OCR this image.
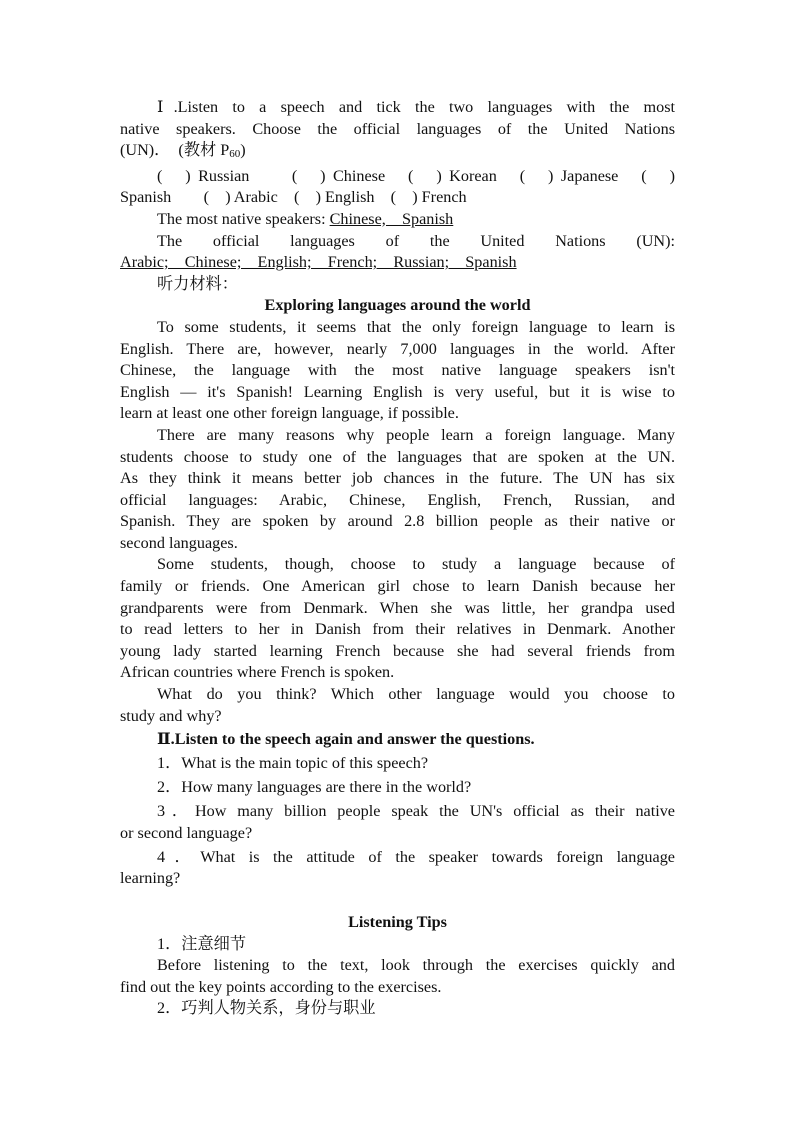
Ⅰ.Listen to a speech and tick the two languages with the most

native speakers. Choose the official languages of the United Nations

(UN)．　(教材 P60)

(　) Russian　　(　) Chinese　(　) Korean　(　) Japanese　(　)

Spanish　　(　) Arabic　(　) English　(　) French

The most native speakers: Chinese,　Spanish

The official languages of the United Nations (UN):

Arabic;　Chinese;　English;　French;　Russian;　Spanish

听力材料：

Exploring languages around the world

To some students, it seems that the only foreign language to learn is

English. There are, however, nearly 7,000 languages in the world. After

Chinese, the language with the most native language speakers isn't

English — it's Spanish! Learning English is very useful, but it is wise to

learn at least one other foreign language, if possible.

There are many reasons why people learn a foreign language. Many

students choose to study one of the languages that are spoken at the UN.

As they think it means better job chances in the future. The UN has six

official languages: Arabic, Chinese, English, French, Russian, and

Spanish. They are spoken by around 2.8 billion people as their native or

second languages.

Some students, though, choose to study a language because of

family or friends. One American girl chose to learn Danish because her

grandparents were from Denmark. When she was little, her grandpa used

to read letters to her in Danish from their relatives in Denmark. Another

young lady started learning French because she had several friends from

African countries where French is spoken.

What do you think? Which other language would you choose to

study and why?

Ⅱ.Listen to the speech again and answer the questions.

1．What is the main topic of this speech?

2．How many languages are there in the world?

3．How many billion people speak the UN's official as their native

or second language?

4．What is the attitude of the speaker towards foreign language

learning?

Listening Tips

1．注意细节

Before listening to the text, look through the exercises quickly and

find out the key points according to the exercises.

2．巧判人物关系，身份与职业
